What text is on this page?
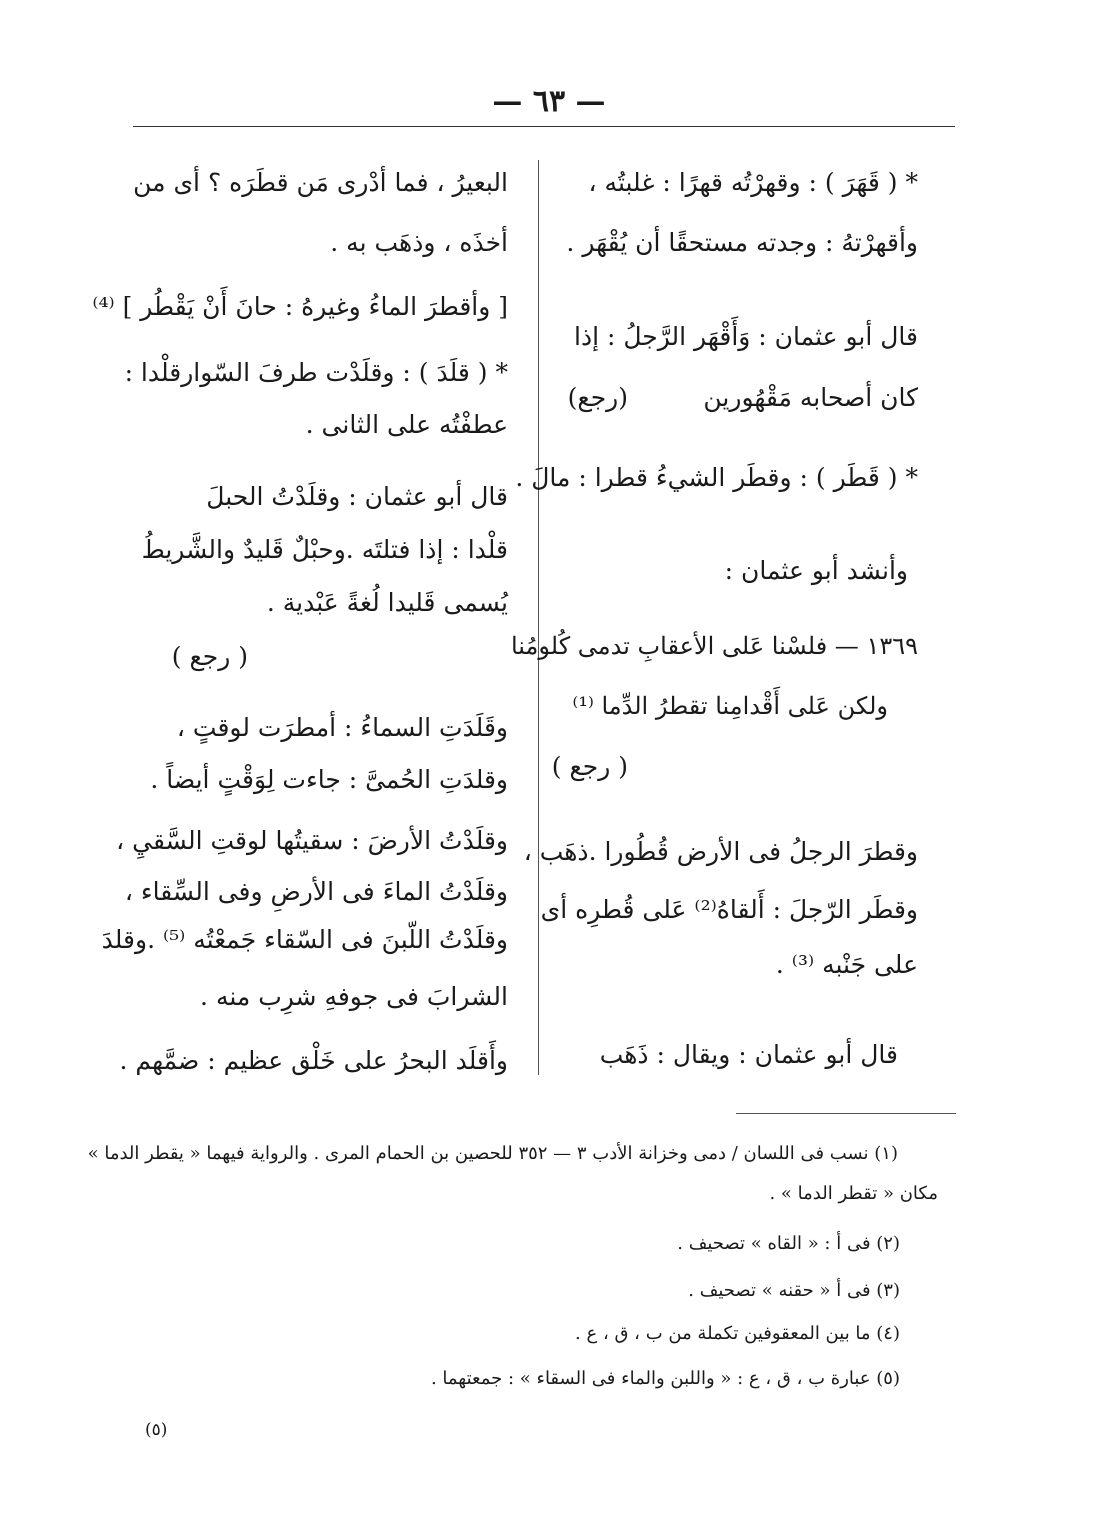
— ٦٣ —
* ( قَهَرَ ) : وقهرْتُه قهرًا : غلبتُه ،
وأقهرْتهُ : وجدته مستحقًا أن يُقْهَر .
قال أبو عثمان : وَأَقْهَر الرَّجلُ : إذا
كان أصحابه مَقْهُورين
(رجع)
* ( قَطَر ) : وقطَر الشيءُ قطرا : مالَ .
وأنشد أبو عثمان :
١٣٦٩ — فلسْنا عَلى الأعقابِ تدمى كُلومُنا
ولكن عَلى أَقْدامِنا تقطرُ الدِّما ⁽¹⁾
( رجع )
وقطرَ الرجلُ فى الأرض قُطُورا .ذهَب ،
وقطَر الرّجلَ : أَلقاهُ⁽²⁾ عَلى قُطرِه أى
على جَنْبه ⁽³⁾ .
قال أبو عثمان : ويقال : ذَهَب
البعيرُ ، فما أدْرى مَن قطَرَه ؟ أى من
أخذَه ، وذهَب به .
[ وأقطرَ الماءُ وغيرهُ : حانَ أَنْ يَقْطُر ] ⁽⁴⁾
* ( قلَدَ ) : وقلَدْت طرفَ السّوارقلْدا :
عطفْتُه على الثانى .
قال أبو عثمان : وقلَدْتُ الحبلَ
قلْدا : إذا فتلتَه .وحبْلٌ قَليدٌ والشَّريطُ
يُسمى قَليدا لُغةً عَبْدية .
( رجع )
وقَلَدَتِ السماءُ : أمطرَت لوقتٍ ،
وقلدَتِ الحُمىَّ : جاءت لِوَقْتٍ أيضاً .
وقلَدْتُ الأرضَ : سقيتُها لوقتِ السَّقيِ ،
وقلَدْتُ الماءَ فى الأرضِ وفى السِّقاء ،
وقلَدْتُ اللّبنَ فى السّقاء جَمعْتُه ⁽⁵⁾ .وقلدَ
الشرابَ فى جوفهِ شرِب منه .
وأَقلَد البحرُ على خَلْق عظيم : ضمَّهم .
(١) نسب فى اللسان / دمى وخزانة الأدب ٣ — ٣٥٢ للحصين بن الحمام المرى . والرواية فيهما « يقطر الدما »
مكان « تقطر الدما » .
(٢) فى أ : « القاه » تصحيف .
(٣) فى أ « حقنه » تصحيف .
(٤) ما بين المعقوفين تكملة من ب ، ق ، ع .
(٥) عبارة ب ، ق ، ع : « واللبن والماء فى السقاء » : جمعتهما .
(٥)
